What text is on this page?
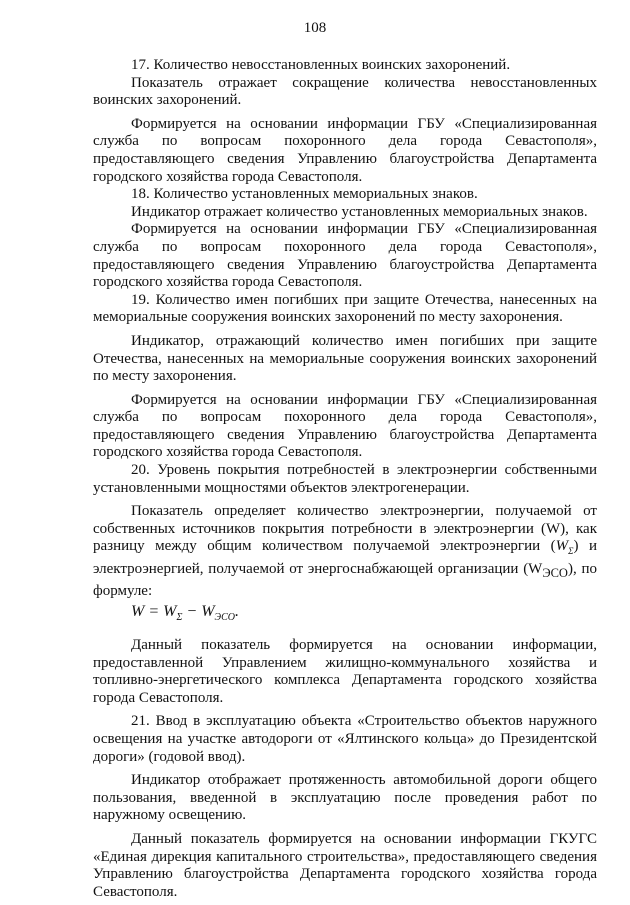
108

17. Количество невосстановленных воинских захоронений.

Показатель отражает сокращение количества невосстановленных воинских захоронений.

Формируется на основании информации ГБУ «Специализированная служба по вопросам похоронного дела города Севастополя», предоставляющего сведения Управлению благоустройства Департамента городского хозяйства города Севастополя.

18. Количество установленных мемориальных знаков.

Индикатор отражает количество установленных мемориальных знаков.

Формируется на основании информации ГБУ «Специализированная служба по вопросам похоронного дела города Севастополя», предоставляющего сведения Управлению благоустройства Департамента городского хозяйства города Севастополя.

19. Количество имен погибших при защите Отечества, нанесенных на мемориальные сооружения воинских захоронений по месту захоронения.

Индикатор, отражающий количество имен погибших при защите Отечества, нанесенных на мемориальные сооружения воинских захоронений по месту захоронения.

Формируется на основании информации ГБУ «Специализированная служба по вопросам похоронного дела города Севастополя», предоставляющего сведения Управлению благоустройства Департамента городского хозяйства города Севастополя.

20. Уровень покрытия потребностей в электроэнергии собственными установленными мощностями объектов электрогенерации.

Показатель определяет количество электроэнергии, получаемой от собственных источников покрытия потребности в электроэнергии (W), как разницу между общим количеством получаемой электроэнергии $(W_\Sigma)$ и электроэнергией, получаемой от энергоснабжающей организации $(W_{ЭСО})$, по формуле:

$W = W_\Sigma - W_{ЭСО}$.

Данный показатель формируется на основании информации, предоставленной Управлением жилищно-коммунального хозяйства и топливно-энергетического комплекса Департамента городского хозяйства города Севастополя.

21. Ввод в эксплуатацию объекта «Строительство объектов наружного освещения на участке автодороги от «Ялтинского кольца» до Президентской дороги» (годовой ввод).

Индикатор отображает протяженность автомобильной дороги общего пользования, введенной в эксплуатацию после проведения работ по наружному освещению.

Данный показатель формируется на основании информации ГКУГС «Единая дирекция капитального строительства», предоставляющего сведения Управлению благоустройства Департамента городского хозяйства города Севастополя.
